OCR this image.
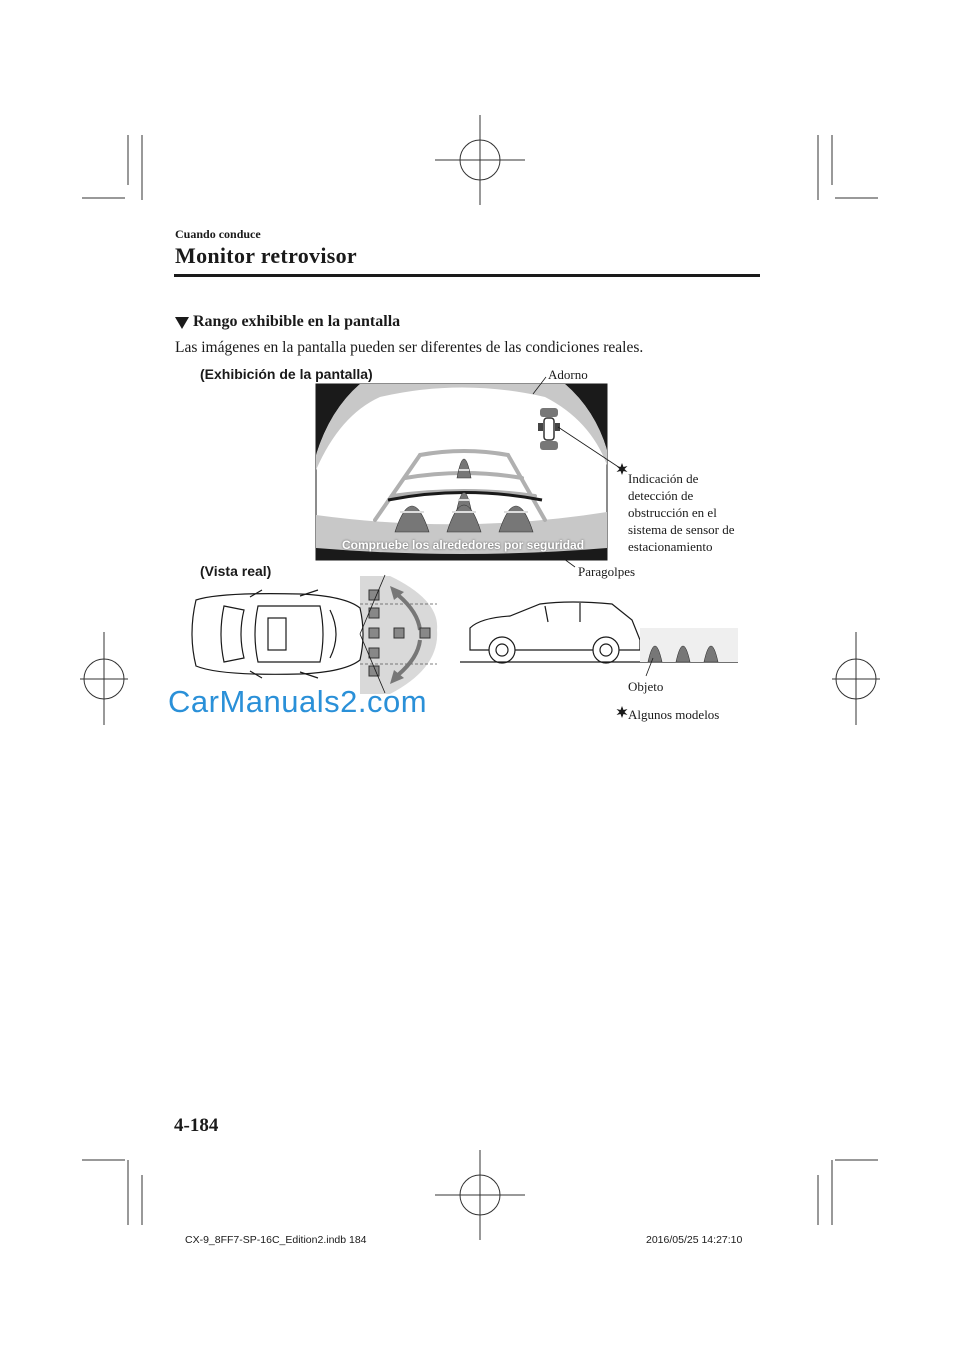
Cuando conduce
Monitor retrovisor
Rango exhibible en la pantalla
Las imágenes en la pantalla pueden ser diferentes de las condiciones reales.
(Exhibición de la pantalla)
(Vista real)
Compruebe los alrededores por seguridad
Adorno
Indicación de
detección de
obstrucción en el
sistema de sensor de
estacionamiento
Paragolpes
Objeto
Algunos modelos
CarManuals2.com
4-184
CX-9_8FF7-SP-16C_Edition2.indb 184	2016/05/25 14:27:10
